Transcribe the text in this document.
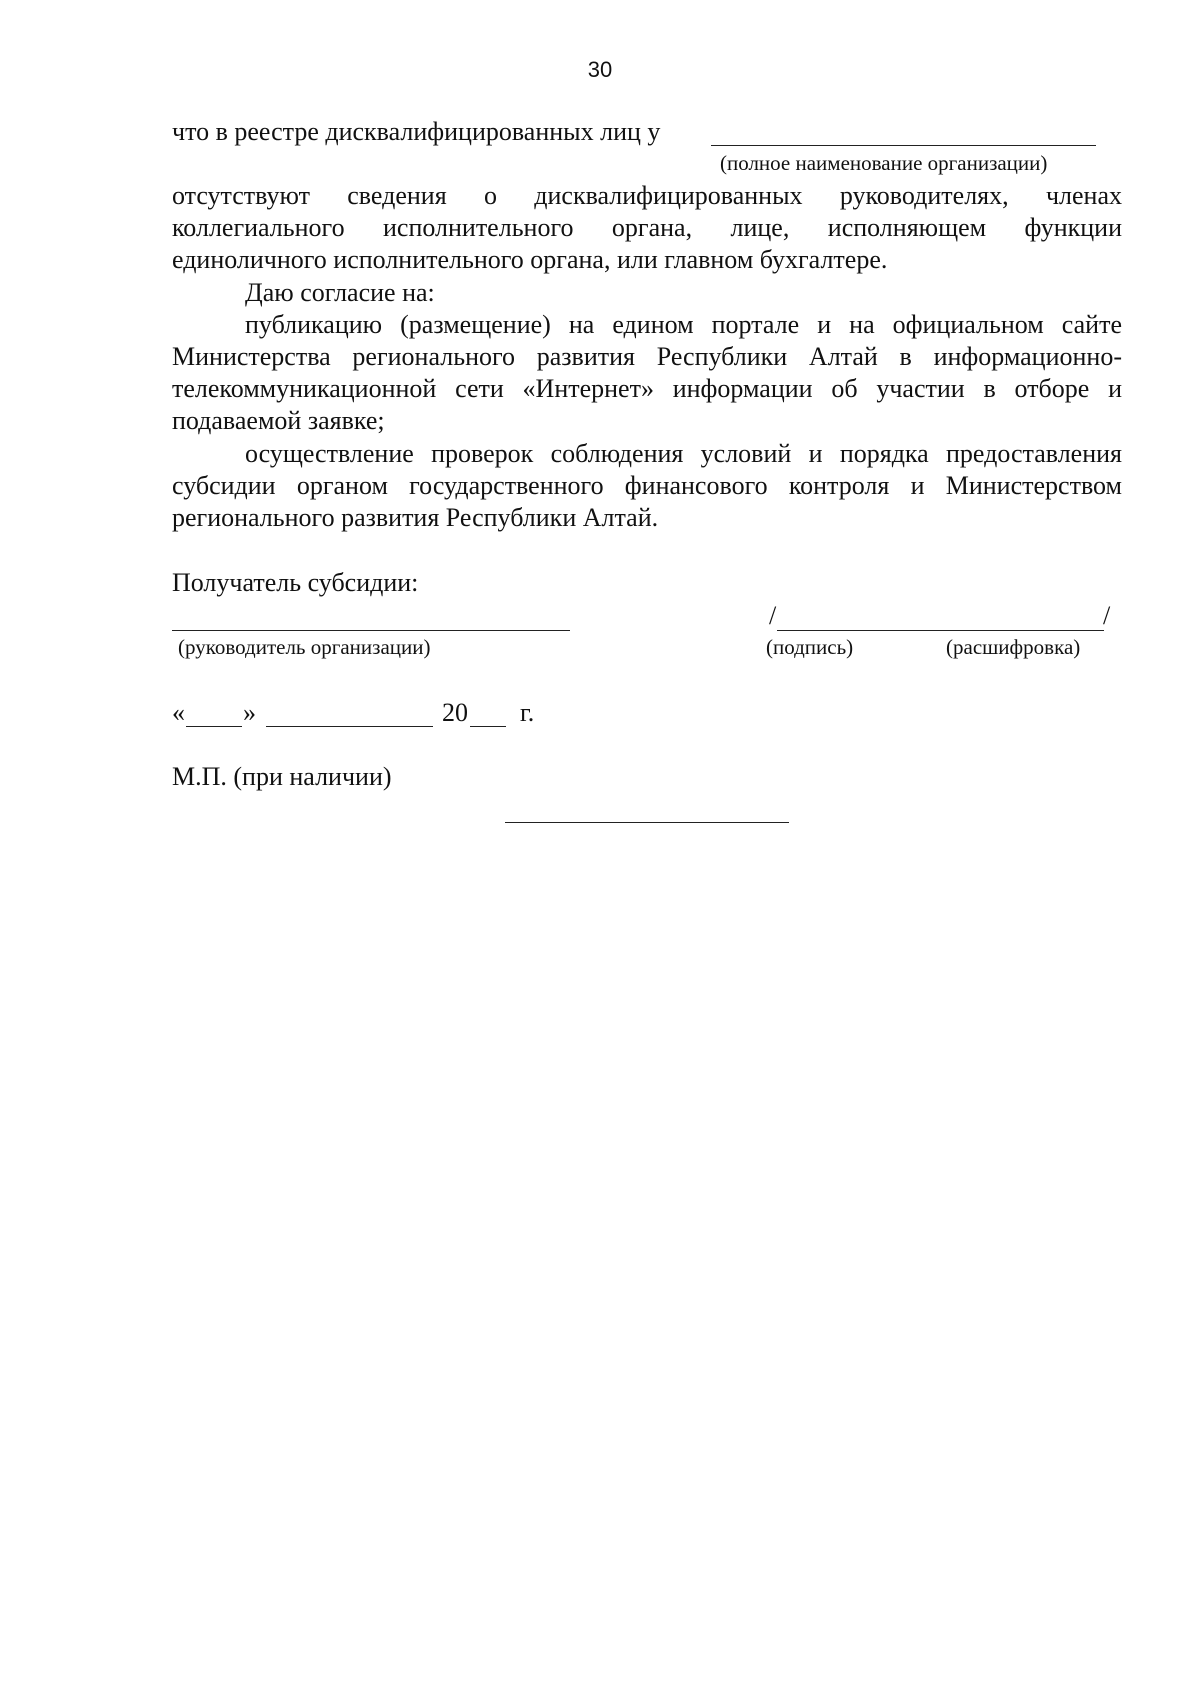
30
что в реестре дисквалифицированных лиц у
(полное наименование организации)
отсутствуют сведения о дисквалифицированных руководителях, членах коллегиального исполнительного органа, лице, исполняющем функции единоличного исполнительного органа, или главном бухгалтере.
Даю согласие на:
публикацию (размещение) на едином портале и на официальном сайте Министерства регионального развития Республики Алтай в информационно-телекоммуникационной сети «Интернет» информации об участии в отборе и подаваемой заявке;
осуществление проверок соблюдения условий и порядка предоставления субсидии органом государственного финансового контроля и Министерством регионального развития Республики Алтай.
Получатель субсидии:
(руководитель организации)
/	/
(подпись)	(расшифровка)
« »	20 г.
М.П. (при наличии)
